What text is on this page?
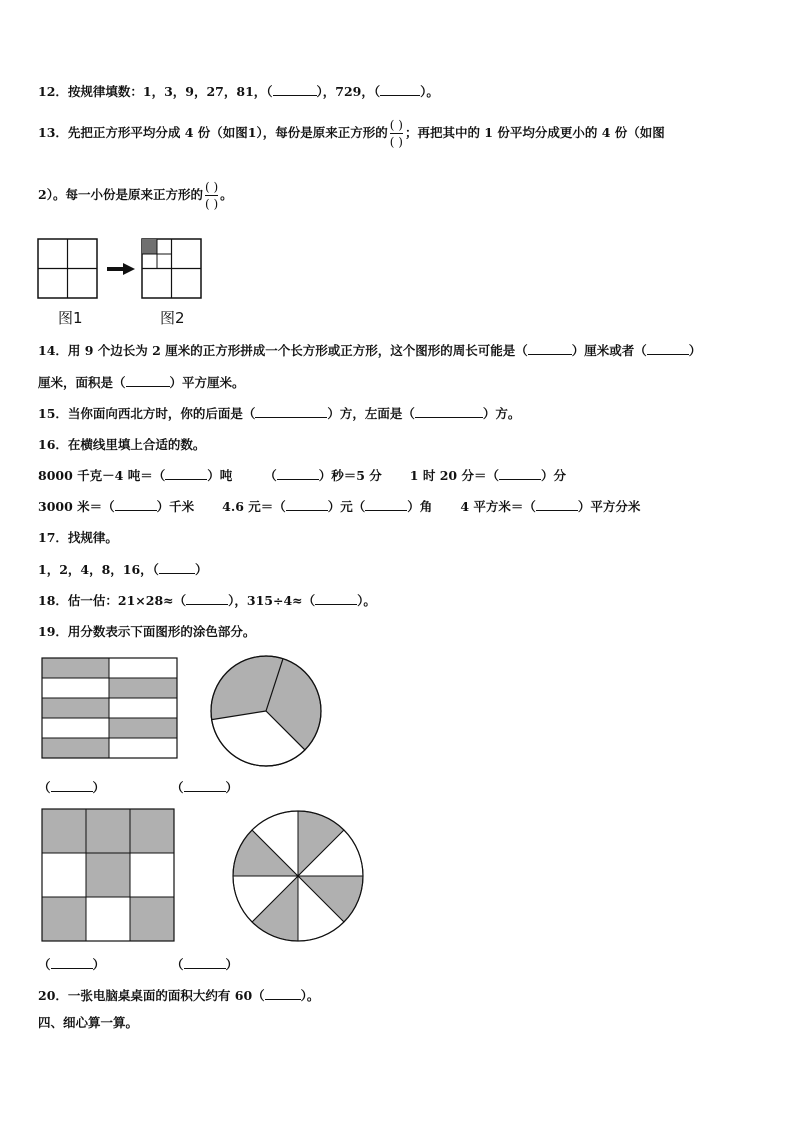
12．按规律填数：1，3，9，27，81，（	），729，（	）。
13．先把正方形平均分成 4 份（如图1），每份是原来正方形的 $\frac{( )}{( )}$ ；再把其中的 1 份平均分成更小的 4 份（如图
2）。每一小份是原来正方形的 $\frac{( )}{( )}$ 。
图1	图2
14．用 9 个边长为 2 厘米的正方形拼成一个长方形或正方形，这个图形的周长可能是（	）厘米或者（	）
厘米，面积是（	）平方厘米。
15．当你面向西北方时，你的后面是（	）方，左面是（	）方。
16．在横线里填上合适的数。
8000 千克－4 吨＝（	）吨	（	）秒＝5 分 1 时 20 分＝（	）分
3000 米＝（	）千米 4.6 元＝（	）元（	）角 4 平方米＝（	）平方分米
17．找规律。
1，2，4，8，16，（	）
18．估一估：21×28≈（	），315÷4≈（	）。
19．用分数表示下面图形的涂色部分。
（	）	（	）
（	）	（	）
20．一张电脑桌桌面的面积大约有 60（	）。
四、细心算一算。
